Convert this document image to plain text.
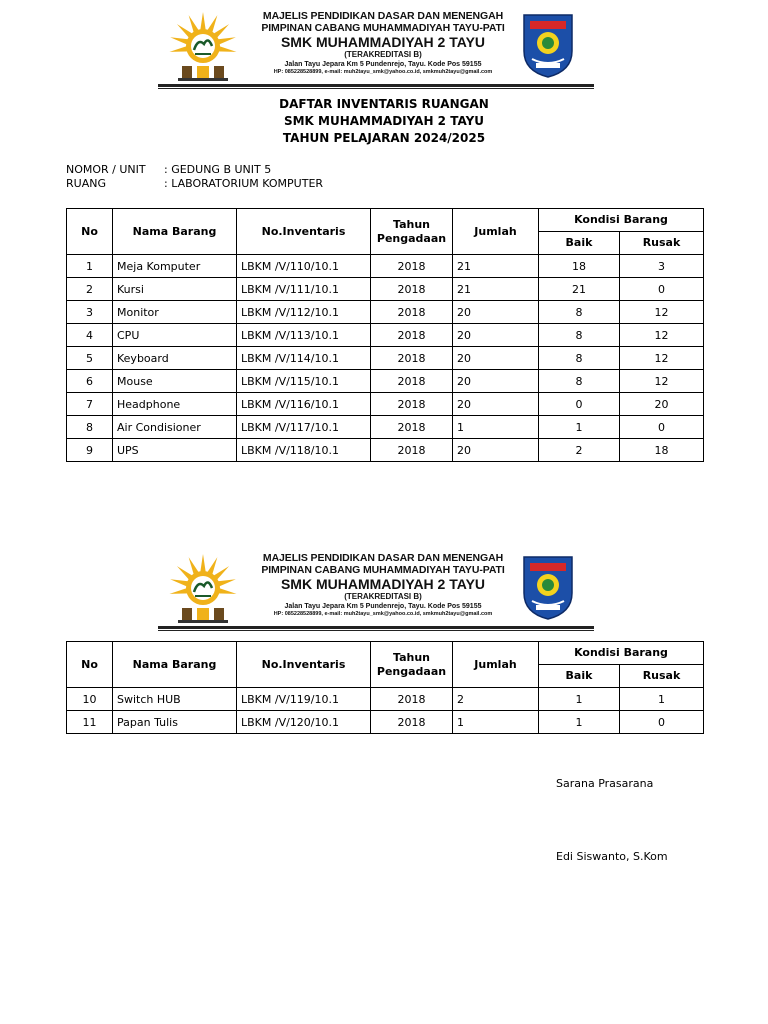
MAJELIS PENDIDIKAN DASAR DAN MENENGAH
PIMPINAN CABANG MUHAMMADIYAH TAYU-PATI
SMK MUHAMMADIYAH 2 TAYU
(TERAKREDITASI B)
Jalan Tayu Jepara Km 5 Pundenrejo, Tayu. Kode Pos 59155
HP: 085228528899, e-mail: muh2tayu_smk@yahoo.co.id, smkmuh2tayu@gmail.com
DAFTAR INVENTARIS RUANGAN
SMK MUHAMMADIYAH 2 TAYU
TAHUN PELAJARAN 2024/2025
NOMOR / UNIT	: GEDUNG B UNIT 5
RUANG	: LABORATORIUM KOMPUTER
No	Nama Barang	No.Inventaris	Tahun
Pengadaan	Jumlah	Kondisi Barang	
					Baik	Rusak
1	Meja Komputer	LBKM /V/110/10.1	2018	21	18	3
2	Kursi	LBKM /V/111/10.1	2018	21	21	0
3	Monitor	LBKM /V/112/10.1	2018	20	8	12
4	CPU	LBKM /V/113/10.1	2018	20	8	12
5	Keyboard	LBKM /V/114/10.1	2018	20	8	12
6	Mouse	LBKM /V/115/10.1	2018	20	8	12
7	Headphone	LBKM /V/116/10.1	2018	20	0	20
8	Air Condisioner	LBKM /V/117/10.1	2018	1	1	0
9	UPS	LBKM /V/118/10.1	2018	20	2	18
MAJELIS PENDIDIKAN DASAR DAN MENENGAH
PIMPINAN CABANG MUHAMMADIYAH TAYU-PATI
SMK MUHAMMADIYAH 2 TAYU
(TERAKREDITASI B)
Jalan Tayu Jepara Km 5 Pundenrejo, Tayu. Kode Pos 59155
HP: 085228528899, e-mail: muh2tayu_smk@yahoo.co.id, smkmuh2tayu@gmail.com
No	Nama Barang	No.Inventaris	Tahun
Pengadaan	Jumlah	Kondisi Barang	
					Baik	Rusak
10	Switch HUB	LBKM /V/119/10.1	2018	2	1	1
11	Papan Tulis	LBKM /V/120/10.1	2018	1	1	0
Sarana Prasarana
Edi Siswanto, S.Kom
